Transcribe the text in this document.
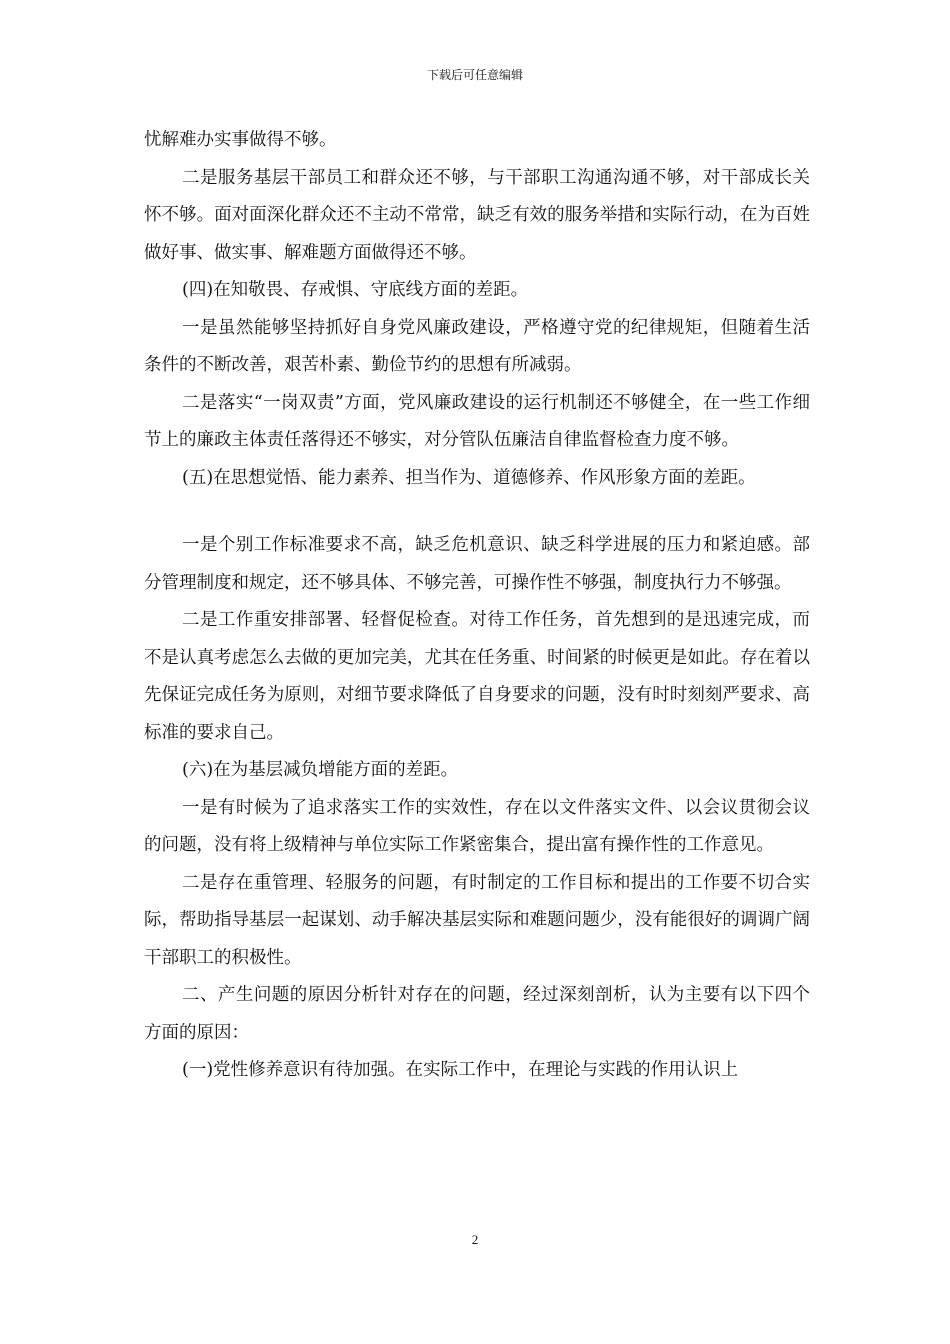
下载后可任意编辑

忧解难办实事做得不够。

二是服务基层干部员工和群众还不够，与干部职工沟通沟通不够，对干部成长关怀不够。面对面深化群众还不主动不常常，缺乏有效的服务举措和实际行动，在为百姓做好事、做实事、解难题方面做得还不够。

(四)在知敬畏、存戒惧、守底线方面的差距。

一是虽然能够坚持抓好自身党风廉政建设，严格遵守党的纪律规矩，但随着生活条件的不断改善，艰苦朴素、勤俭节约的思想有所减弱。

二是落实“一岗双责”方面，党风廉政建设的运行机制还不够健全，在一些工作细节上的廉政主体责任落得还不够实，对分管队伍廉洁自律监督检查力度不够。

(五)在思想觉悟、能力素养、担当作为、道德修养、作风形象方面的差距。

一是个别工作标准要求不高，缺乏危机意识、缺乏科学进展的压力和紧迫感。部分管理制度和规定，还不够具体、不够完善，可操作性不够强，制度执行力不够强。

二是工作重安排部署、轻督促检查。对待工作任务，首先想到的是迅速完成，而不是认真考虑怎么去做的更加完美，尤其在任务重、时间紧的时候更是如此。存在着以先保证完成任务为原则，对细节要求降低了自身要求的问题，没有时时刻刻严要求、高标准的要求自己。

(六)在为基层减负增能方面的差距。

一是有时候为了追求落实工作的实效性，存在以文件落实文件、以会议贯彻会议的问题，没有将上级精神与单位实际工作紧密集合，提出富有操作性的工作意见。

二是存在重管理、轻服务的问题，有时制定的工作目标和提出的工作要不切合实际，帮助指导基层一起谋划、动手解决基层实际和难题问题少，没有能很好的调调广阔干部职工的积极性。

二、产生问题的原因分析针对存在的问题，经过深刻剖析，认为主要有以下四个方面的原因：

(一)党性修养意识有待加强。在实际工作中，在理论与实践的作用认识上

2
